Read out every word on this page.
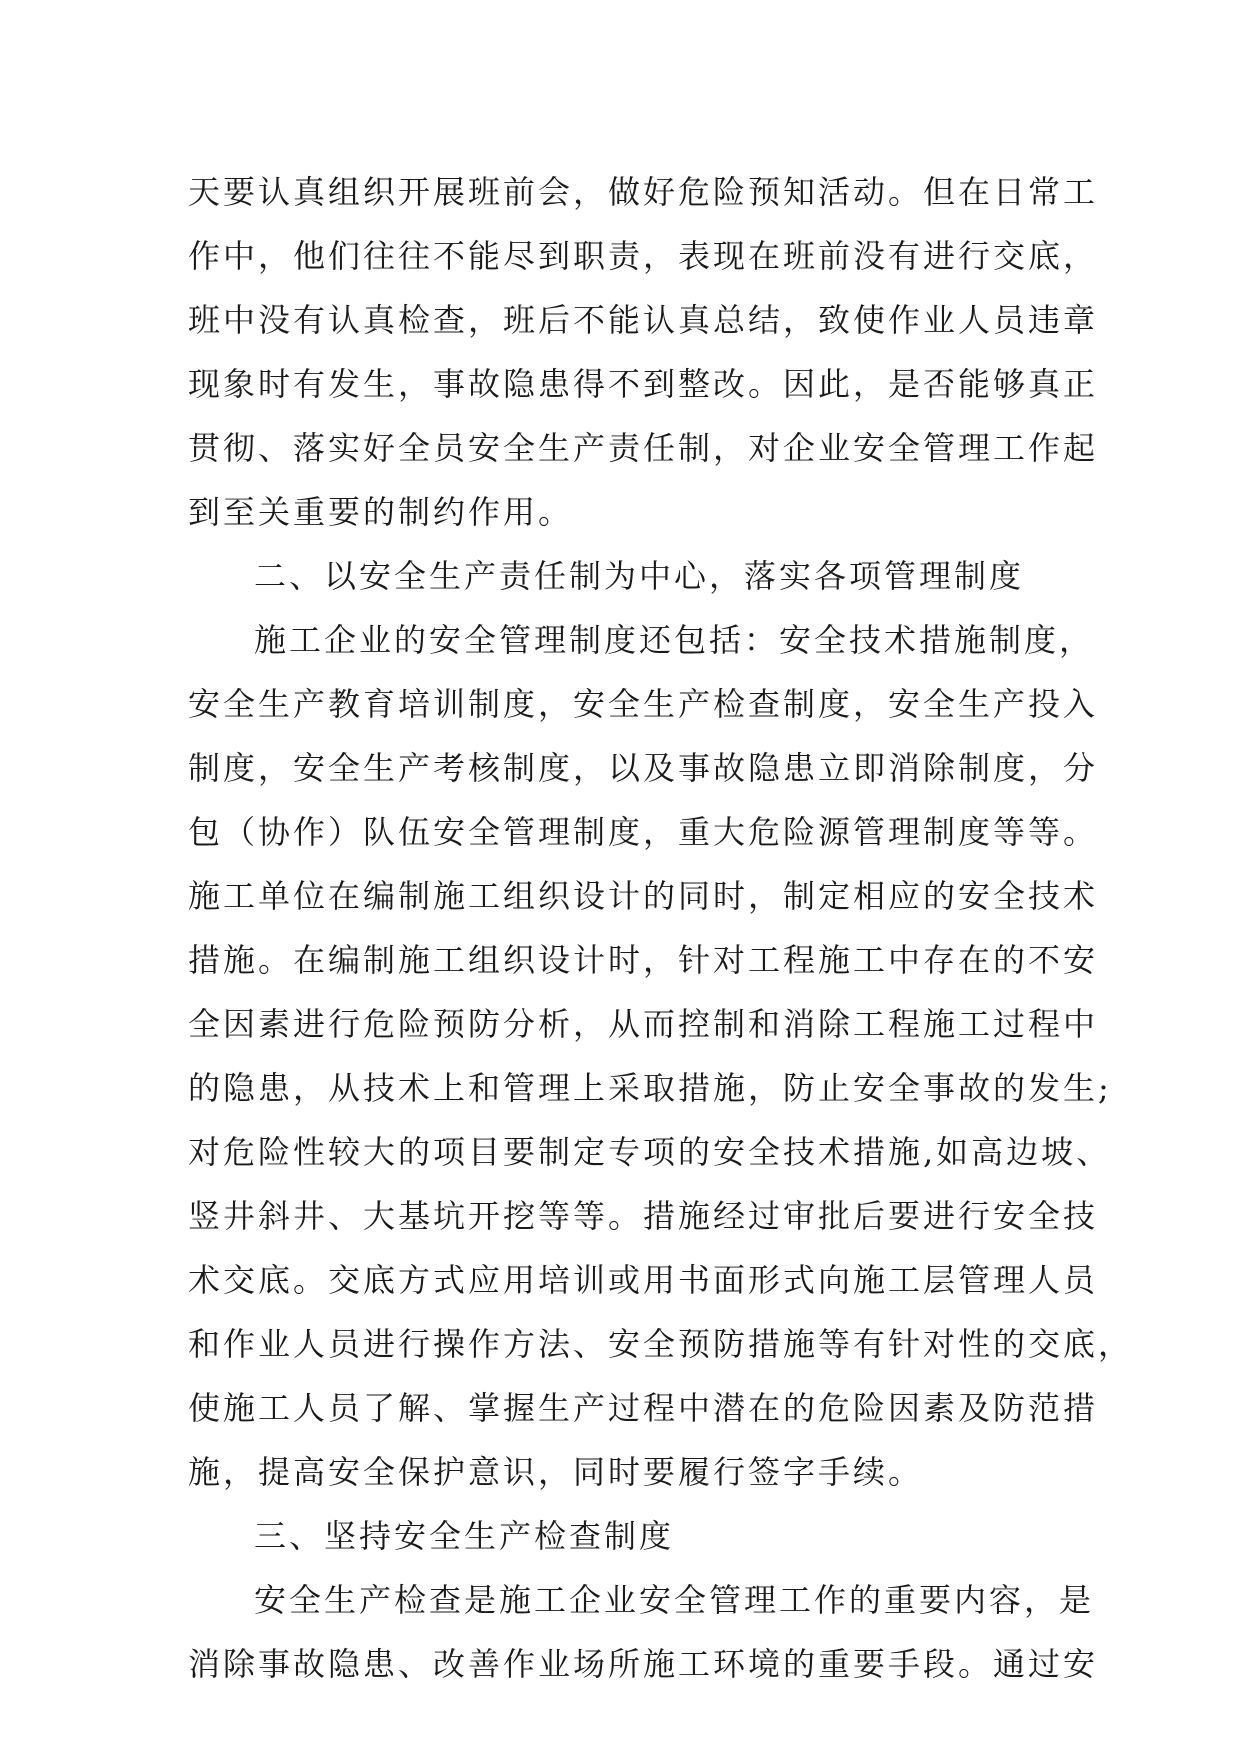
天要认真组织开展班前会，做好危险预知活动。但在日常工
作中，他们往往不能尽到职责，表现在班前没有进行交底，
班中没有认真检查，班后不能认真总结，致使作业人员违章
现象时有发生，事故隐患得不到整改。因此，是否能够真正
贯彻、落实好全员安全生产责任制，对企业安全管理工作起
到至关重要的制约作用。
二、以安全生产责任制为中心，落实各项管理制度
施工企业的安全管理制度还包括：安全技术措施制度，
安全生产教育培训制度，安全生产检查制度，安全生产投入
制度，安全生产考核制度，以及事故隐患立即消除制度，分
包（协作）队伍安全管理制度，重大危险源管理制度等等。
施工单位在编制施工组织设计的同时，制定相应的安全技术
措施。在编制施工组织设计时，针对工程施工中存在的不安
全因素进行危险预防分析，从而控制和消除工程施工过程中
的隐患，从技术上和管理上采取措施，防止安全事故的发生;
对危险性较大的项目要制定专项的安全技术措施,如高边坡、
竖井斜井、大基坑开挖等等。措施经过审批后要进行安全技
术交底。交底方式应用培训或用书面形式向施工层管理人员
和作业人员进行操作方法、安全预防措施等有针对性的交底，
使施工人员了解、掌握生产过程中潜在的危险因素及防范措
施，提高安全保护意识，同时要履行签字手续。
三、坚持安全生产检查制度
安全生产检查是施工企业安全管理工作的重要内容，是
消除事故隐患、改善作业场所施工环境的重要手段。通过安
